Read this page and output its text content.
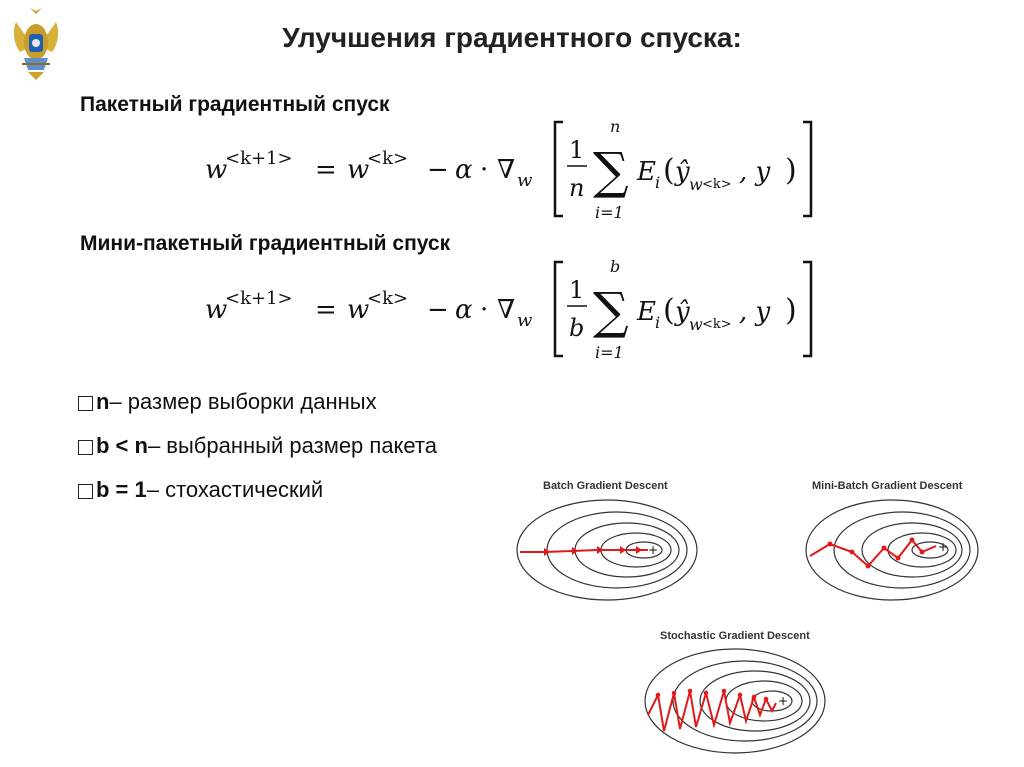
Улучшения градиентного спуска:
Пакетный градиентный спуск
w
<k+1> = w
<k> − α · ∇ w
1
n
n
∑
i=1
E i ( ŷ w <k> , y )
Мини-пакетный градиентный спуск
w
<k+1> = w
<k> − α · ∇ w
1
b
b
∑
i=1
E i ( ŷ w <k> , y )
n – размер выборки данных
b < n – выбранный размер пакета
b = 1 – стохастический	Batch Gradient Descent
+
Mini-Batch Gradient Descent
+
Stochastic Gradient Descent
+
